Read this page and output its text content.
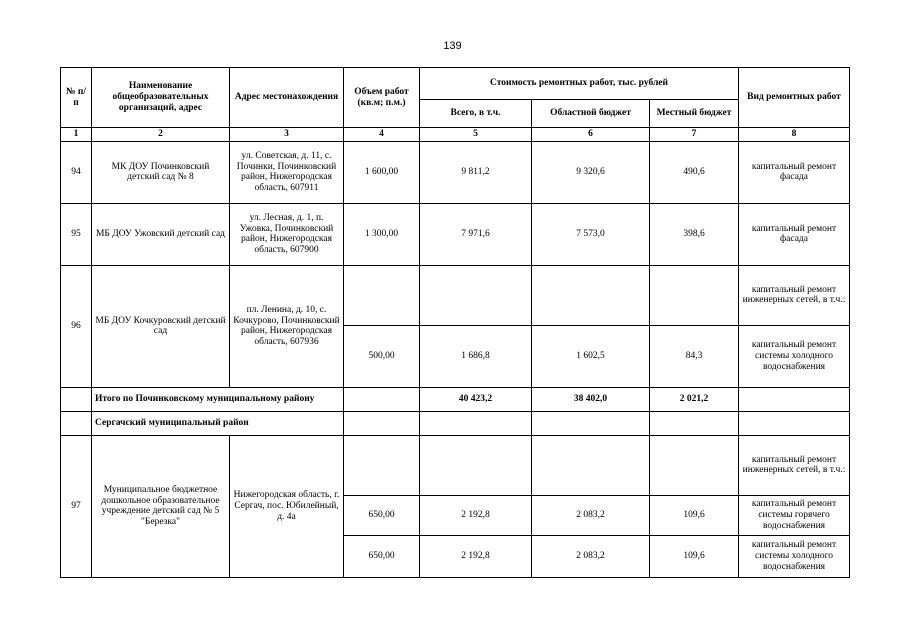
139
№ п/п	Наименование общеобразовательных организаций, адрес	Адрес местонахождения	Объем работ (кв.м; п.м.)	Стоимость ремонтных работ, тыс. рублей			Вид ремонтных работ
				Всего, в т.ч.	Областной бюджет	Местный бюджет	
1	2	3	4	5	6	7	8
94	МК ДОУ Починковский детский сад № 8	ул. Советская, д. 11, с. Починки, Починковский район, Нижегородская область, 607911	1 600,00	9 811,2	9 320,6	490,6	капитальный ремонт фасада
95	МБ ДОУ Ужовский детский сад	ул. Лесная, д. 1, п. Ужовка, Починковский район, Нижегородская область, 607900	1 300,00	7 971,6	7 573,0	398,6	капитальный ремонт фасада
96	МБ ДОУ Кочкуровский детский сад	пл. Ленина, д. 10, с. Кочкурово, Починковский район, Нижегородская область, 607936					капитальный ремонт инженерных сетей, в т.ч.:
			500,00	1 686,8	1 602,5	84,3	капитальный ремонт системы холодного водоснабжения
	Итого по Починковскому муниципальному району			40 423,2	38 402,0	2 021,2	
	Сергачский муниципальный район						
97	Муниципальное бюджетное дошкольное образовательное учреждение детский сад № 5 "Березка"	Нижегородская область, г. Сергач, пос. Юбилейный, д. 4а					капитальный ремонт инженерных сетей, в т.ч.:
			650,00	2 192,8	2 083,2	109,6	капитальный ремонт системы горячего водоснабжения
			650,00	2 192,8	2 083,2	109,6	капитальный ремонт системы холодного водоснабжения
